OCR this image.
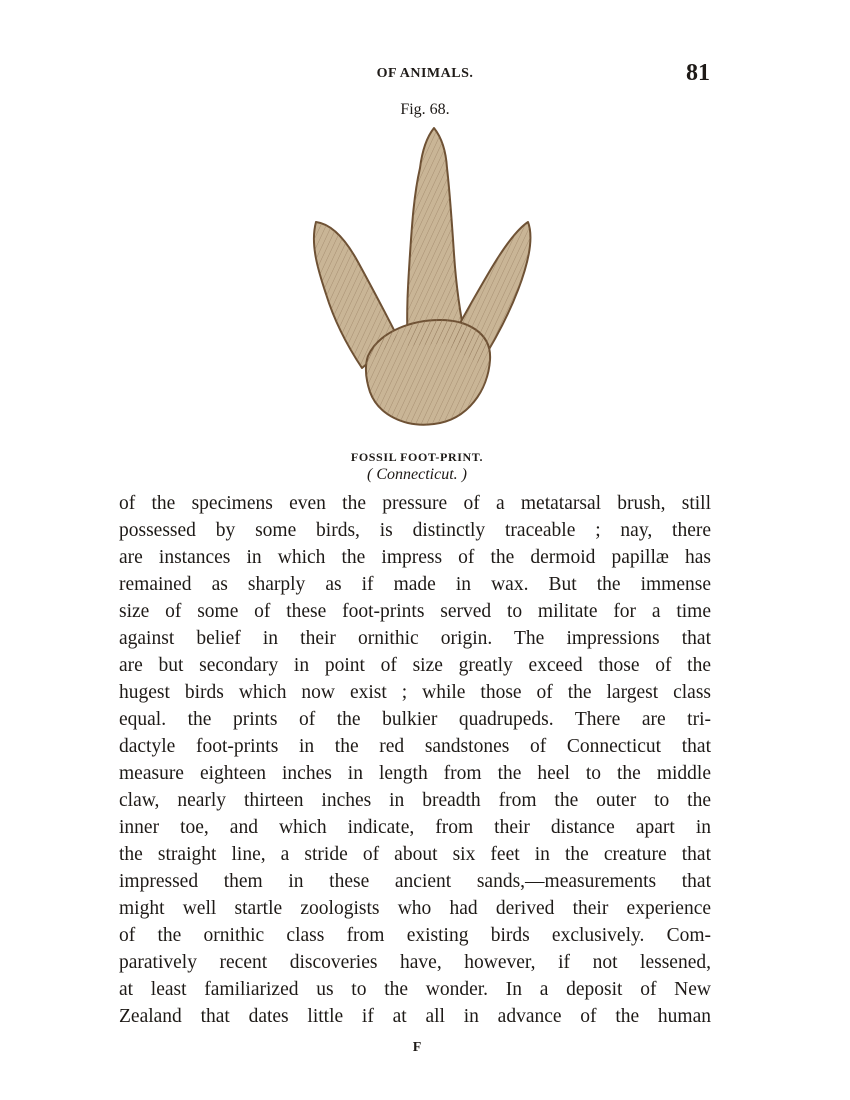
OF ANIMALS.	81
Fig. 68.
FOSSIL FOOT-PRINT.
( Connecticut. )
of the specimens even the pressure of a metatarsal brush, still
possessed by some birds, is distinctly traceable ; nay, there
are instances in which the impress of the dermoid papillæ has
remained as sharply as if made in wax. But the immense
size of some of these foot-prints served to militate for a time
against belief in their ornithic origin. The impressions that
are but secondary in point of size greatly exceed those of the
hugest birds which now exist ; while those of the largest class
equal. the prints of the bulkier quadrupeds. There are tri-
dactyle foot-prints in the red sandstones of Connecticut that
measure eighteen inches in length from the heel to the middle
claw, nearly thirteen inches in breadth from the outer to the
inner toe, and which indicate, from their distance apart in
the straight line, a stride of about six feet in the creature that
impressed them in these ancient sands,—measurements that
might well startle zoologists who had derived their experience
of the ornithic class from existing birds exclusively. Com-
paratively recent discoveries have, however, if not lessened,
at least familiarized us to the wonder. In a deposit of New
Zealand that dates little if at all in advance of the human
F
